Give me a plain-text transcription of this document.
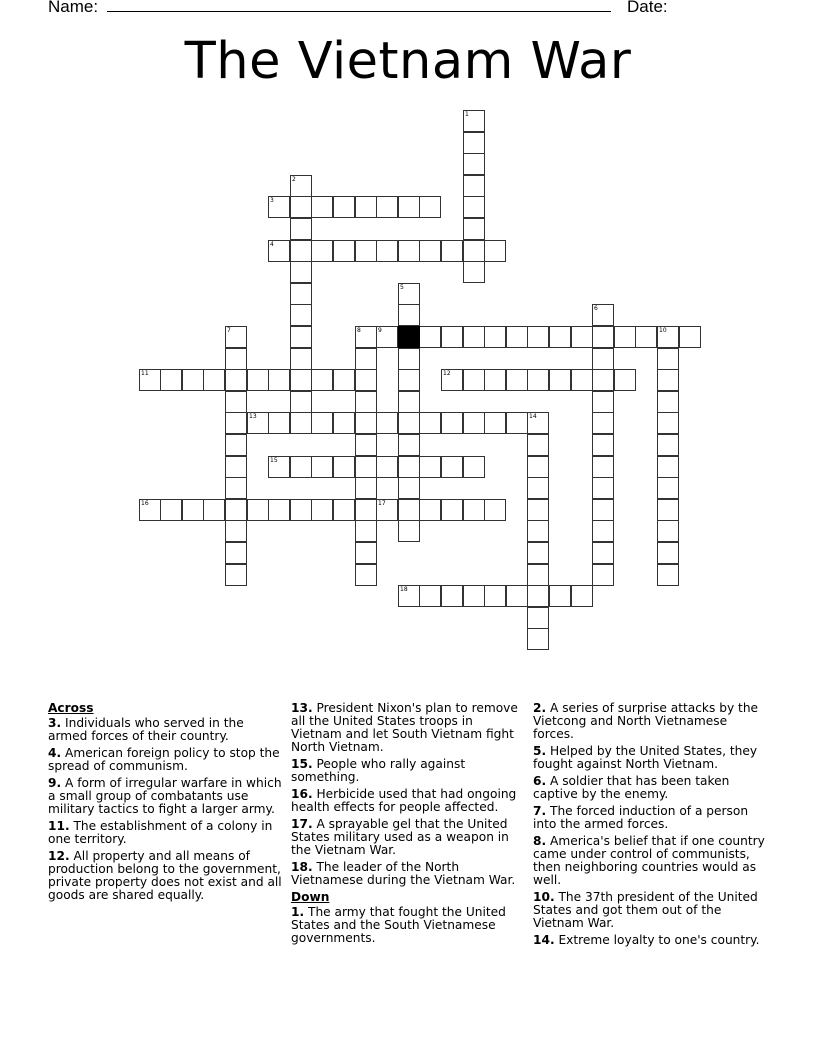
Name:	Date:
The Vietnam War
1
2
3
4
5
6
7	8	9	10
11	12
13	14
15
16	17
18
Across
3. Individuals who served in the armed forces of their country.
4. American foreign policy to stop the spread of communism.
9. A form of irregular warfare in which a small group of combatants use military tactics to fight a larger army.
11. The establishment of a colony in one territory.
12. All property and all means of production belong to the government, private property does not exist and all goods are shared equally.
13. President Nixon's plan to remove all the United States troops in Vietnam and let South Vietnam fight North Vietnam.
15. People who rally against something.
16. Herbicide used that had ongoing health effects for people affected.
17. A sprayable gel that the United States military used as a weapon in the Vietnam War.
18. The leader of the North Vietnamese during the Vietnam War.
Down
1. The army that fought the United States and the South Vietnamese governments.
2. A series of surprise attacks by the Vietcong and North Vietnamese forces.
5. Helped by the United States, they fought against North Vietnam.
6. A soldier that has been taken captive by the enemy.
7. The forced induction of a person into the armed forces.
8. America's belief that if one country came under control of communists, then neighboring countries would as well.
10. The 37th president of the United States and got them out of the Vietnam War.
14. Extreme loyalty to one's country.
